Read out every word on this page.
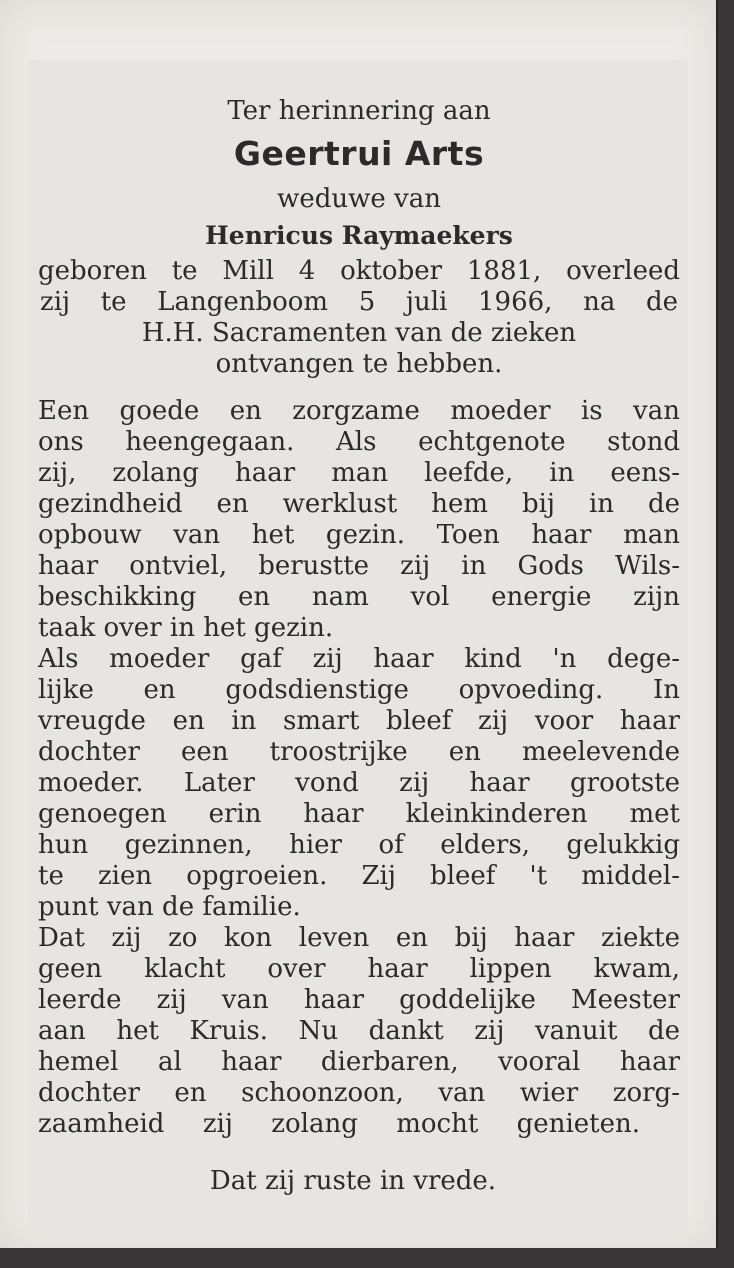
Ter herinnering aan

Geertrui Arts

weduwe van

Henricus Raymaekers

geboren te Mill 4 oktober 1881, overleed
zij te Langenboom 5 juli 1966, na de
H.H. Sacramenten van de zieken
ontvangen te hebben.
Een goede en zorgzame moeder is van
ons heengegaan. Als echtgenote stond
zij, zolang haar man leefde, in eens-
gezindheid en werklust hem bij in de
opbouw van het gezin. Toen haar man
haar ontviel, berustte zij in Gods Wils-
beschikking en nam vol energie zijn
taak over in het gezin.
Als moeder gaf zij haar kind 'n dege-
lijke en godsdienstige opvoeding. In
vreugde en in smart bleef zij voor haar
dochter een troostrijke en meelevende
moeder. Later vond zij haar grootste
genoegen erin haar kleinkinderen met
hun gezinnen, hier of elders, gelukkig
te zien opgroeien. Zij bleef 't middel-
punt van de familie.
Dat zij zo kon leven en bij haar ziekte
geen klacht over haar lippen kwam,
leerde zij van haar goddelijke Meester
aan het Kruis. Nu dankt zij vanuit de
hemel al haar dierbaren, vooral haar
dochter en schoonzoon, van wier zorg-
zaamheid zij zolang mocht genieten.

Dat zij ruste in vrede.
